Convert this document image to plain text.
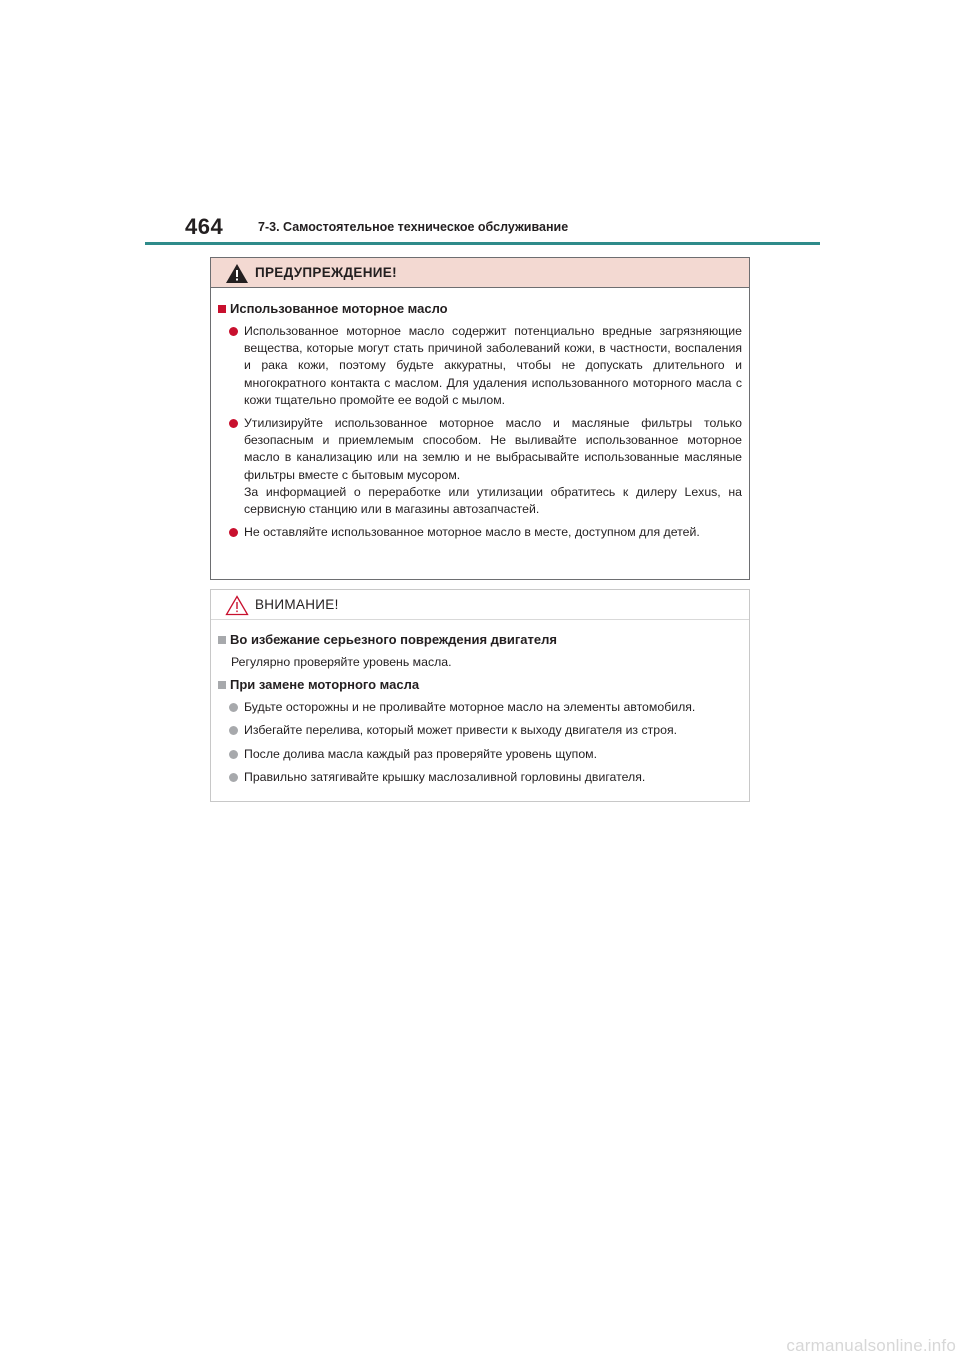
464	7-3. Самостоятельное техническое обслуживание
ПРЕДУПРЕЖДЕНИЕ!
Использованное моторное масло
Использованное моторное масло содержит потенциально вредные загрязняющие вещества, которые могут стать причиной заболеваний кожи, в частности, воспаления и рака кожи, поэтому будьте аккуратны, чтобы не допускать длительного и многократного контакта с маслом. Для удаления использованного моторного масла с кожи тщательно промойте ее водой с мылом.
Утилизируйте использованное моторное масло и масляные фильтры только безопасным и приемлемым способом. Не выливайте использованное моторное масло в канализацию или на землю и не выбрасывайте использованные масляные фильтры вместе с бытовым мусором.
За информацией о переработке или утилизации обратитесь к дилеру Lexus, на сервисную станцию или в магазины автозапчастей.
Не оставляйте использованное моторное масло в месте, доступном для детей.
ВНИМАНИЕ!
Во избежание серьезного повреждения двигателя
Регулярно проверяйте уровень масла.
При замене моторного масла
Будьте осторожны и не проливайте моторное масло на элементы автомобиля.
Избегайте перелива, который может привести к выходу двигателя из строя.
После долива масла каждый раз проверяйте уровень щупом.
Правильно затягивайте крышку маслозаливной горловины двигателя.
carmanualsonline.info
